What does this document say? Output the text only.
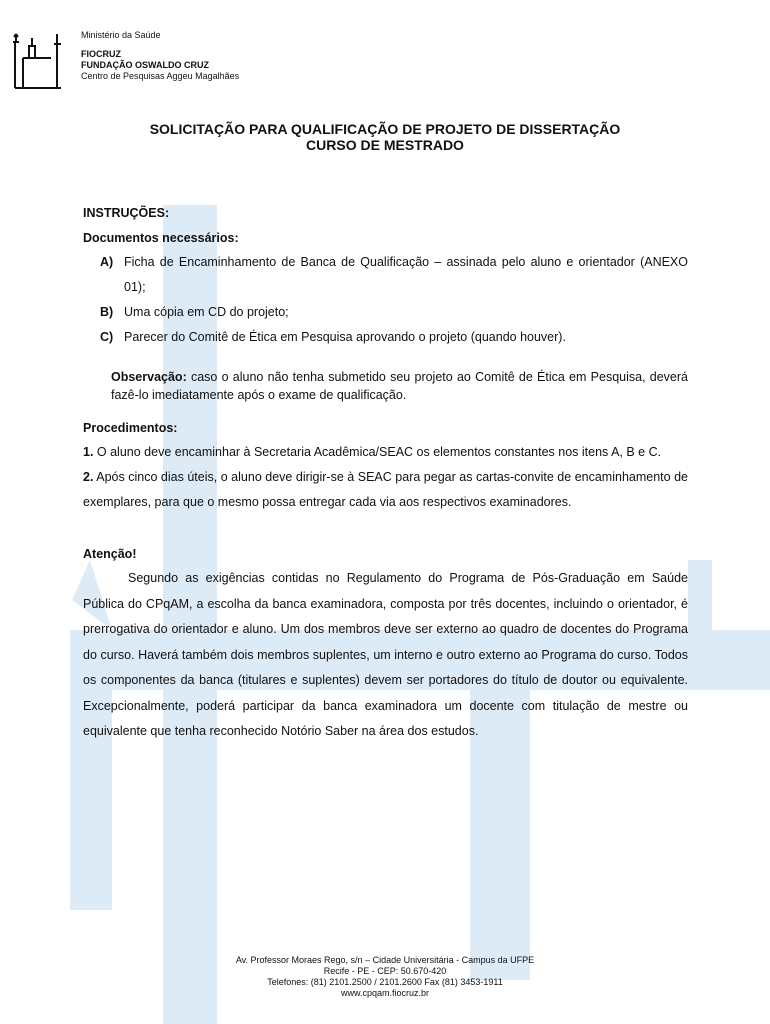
Ministério da Saúde
FIOCRUZ
FUNDAÇÃO OSWALDO CRUZ
Centro de Pesquisas Aggeu Magalhães
SOLICITAÇÃO PARA QUALIFICAÇÃO DE PROJETO DE DISSERTAÇÃO
CURSO DE MESTRADO
INSTRUÇÕES:
Documentos necessários:
A) Ficha de Encaminhamento de Banca de Qualificação – assinada pelo aluno e orientador (ANEXO 01);
B) Uma cópia em CD do projeto;
C) Parecer do Comitê de Ética em Pesquisa aprovando o projeto (quando houver).
Observação: caso o aluno não tenha submetido seu projeto ao Comitê de Ética em Pesquisa, deverá fazê-lo imediatamente após o exame de qualificação.
Procedimentos:
1. O aluno deve encaminhar à Secretaria Acadêmica/SEAC os elementos constantes nos itens A, B e C.
2. Após cinco dias úteis, o aluno deve dirigir-se à SEAC para pegar as cartas-convite de encaminhamento de exemplares, para que o mesmo possa entregar cada via aos respectivos examinadores.
Atenção!
Segundo as exigências contidas no Regulamento do Programa de Pós-Graduação em Saúde Pública do CPqAM, a escolha da banca examinadora, composta por três docentes, incluindo o orientador, é prerrogativa do orientador e aluno. Um dos membros deve ser externo ao quadro de docentes do Programa do curso. Haverá também dois membros suplentes, um interno e outro externo ao Programa do curso. Todos os componentes da banca (titulares e suplentes) devem ser portadores do título de doutor ou equivalente. Excepcionalmente, poderá participar da banca examinadora um docente com titulação de mestre ou equivalente que tenha reconhecido Notório Saber na área dos estudos.
Av. Professor Moraes Rego, s/n – Cidade Universitária - Campus da UFPE
Recife - PE - CEP: 50.670-420
Telefones: (81) 2101.2500 / 2101.2600 Fax (81) 3453-1911
www.cpqam.fiocruz.br
